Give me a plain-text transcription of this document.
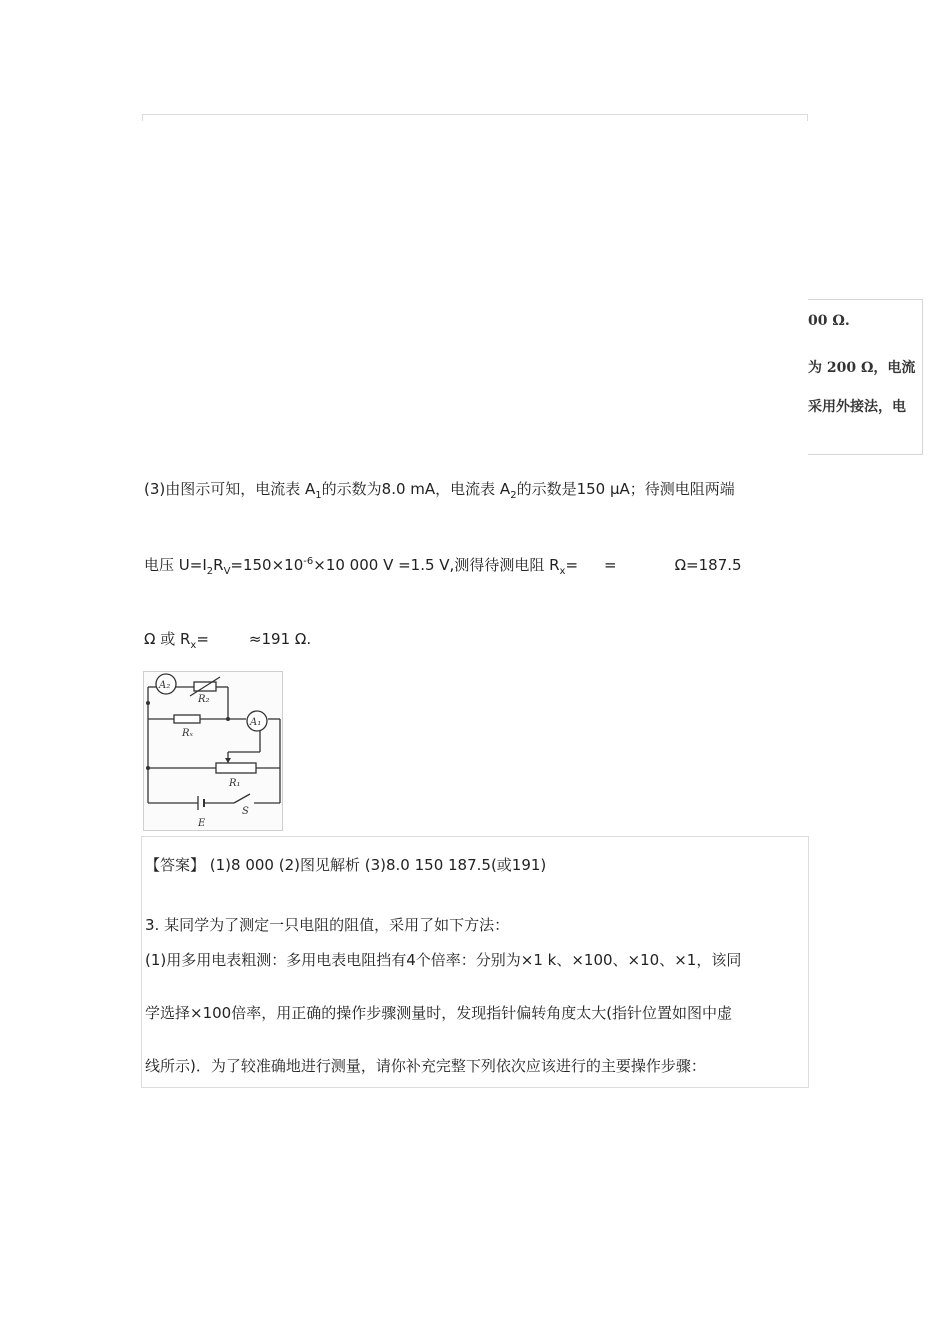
00 Ω.
为 200 Ω，电流
采用外接法，电
(3)由图示可知，电流表 $A_1$的示数为8.0 mA，电流表 $A_2$的示数是150 μA；待测电阻两端
电压 $U=I_2R_V=150\times 10^{-6}\times 10$ 000 V =1.5 V,测得待测电阻 $R_x=$ =	Ω=187.5
Ω 或 $R_x=$	≈191 Ω.
A₂
R₂
A₁
Rₓ
R₁
E
S
【答案】 (1)8 000 (2)图见解析 (3)8.0 150 187.5(或191)
3. 某同学为了测定一只电阻的阻值，采用了如下方法：
(1)用多用电表粗测：多用电表电阻挡有4个倍率：分别为×1 k、×100、×10、×1，该同
学选择×100倍率，用正确的操作步骤测量时，发现指针偏转角度太大(指针位置如图中虚
线所示)．为了较准确地进行测量，请你补充完整下列依次应该进行的主要操作步骤：
